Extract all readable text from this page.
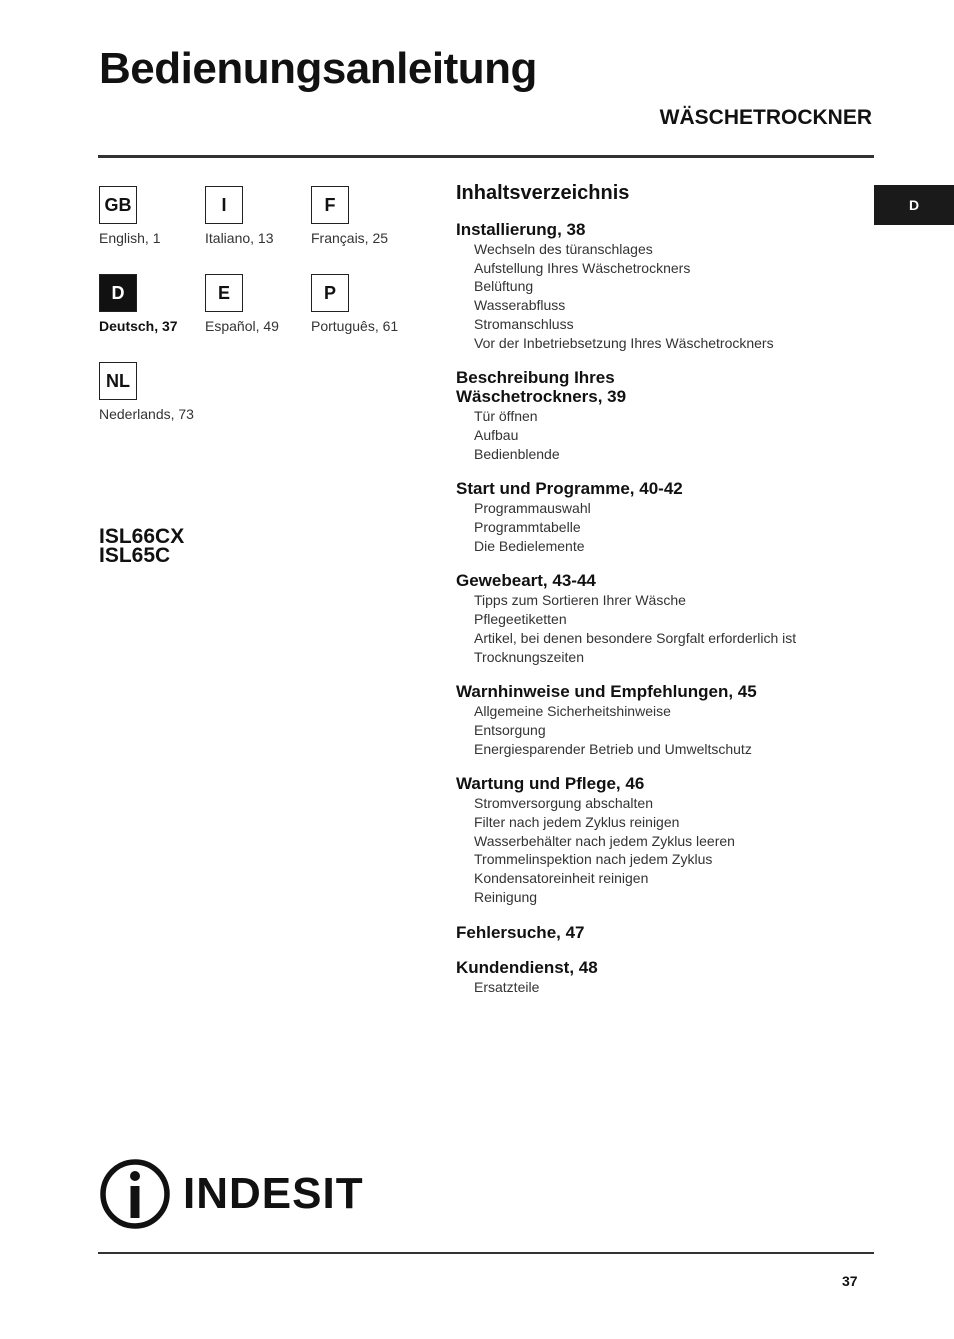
Bedienungsanleitung
WÄSCHETROCKNER
D
GB
English, 1
I
Italiano, 13
F
Français, 25
D
Deutsch, 37
E
Español, 49
P
Português, 61
NL
Nederlands, 73
ISL66CX
ISL65C
Inhaltsverzeichnis
Installierung, 38
Wechseln des türanschlages
Aufstellung Ihres Wäschetrockners
Belüftung
Wasserabfluss
Stromanschluss
Vor der Inbetriebsetzung Ihres Wäschetrockners
Beschreibung Ihres
Wäschetrockners, 39
Tür öffnen
Aufbau
Bedienblende
Start und Programme, 40-42
Programmauswahl
Programmtabelle
Die Bedielemente
Gewebeart, 43-44
Tipps zum Sortieren Ihrer Wäsche
Pflegeetiketten
Artikel, bei denen besondere Sorgfalt erforderlich ist
Trocknungszeiten
Warnhinweise und Empfehlungen, 45
Allgemeine Sicherheitshinweise
Entsorgung
Energiesparender Betrieb und Umweltschutz
Wartung und Pflege, 46
Stromversorgung abschalten
Filter nach jedem Zyklus reinigen
Wasserbehälter nach jedem Zyklus leeren
Trommelinspektion nach jedem Zyklus
Kondensatoreinheit reinigen
Reinigung
Fehlersuche, 47
Kundendienst, 48
Ersatzteile
INDESIT
37
